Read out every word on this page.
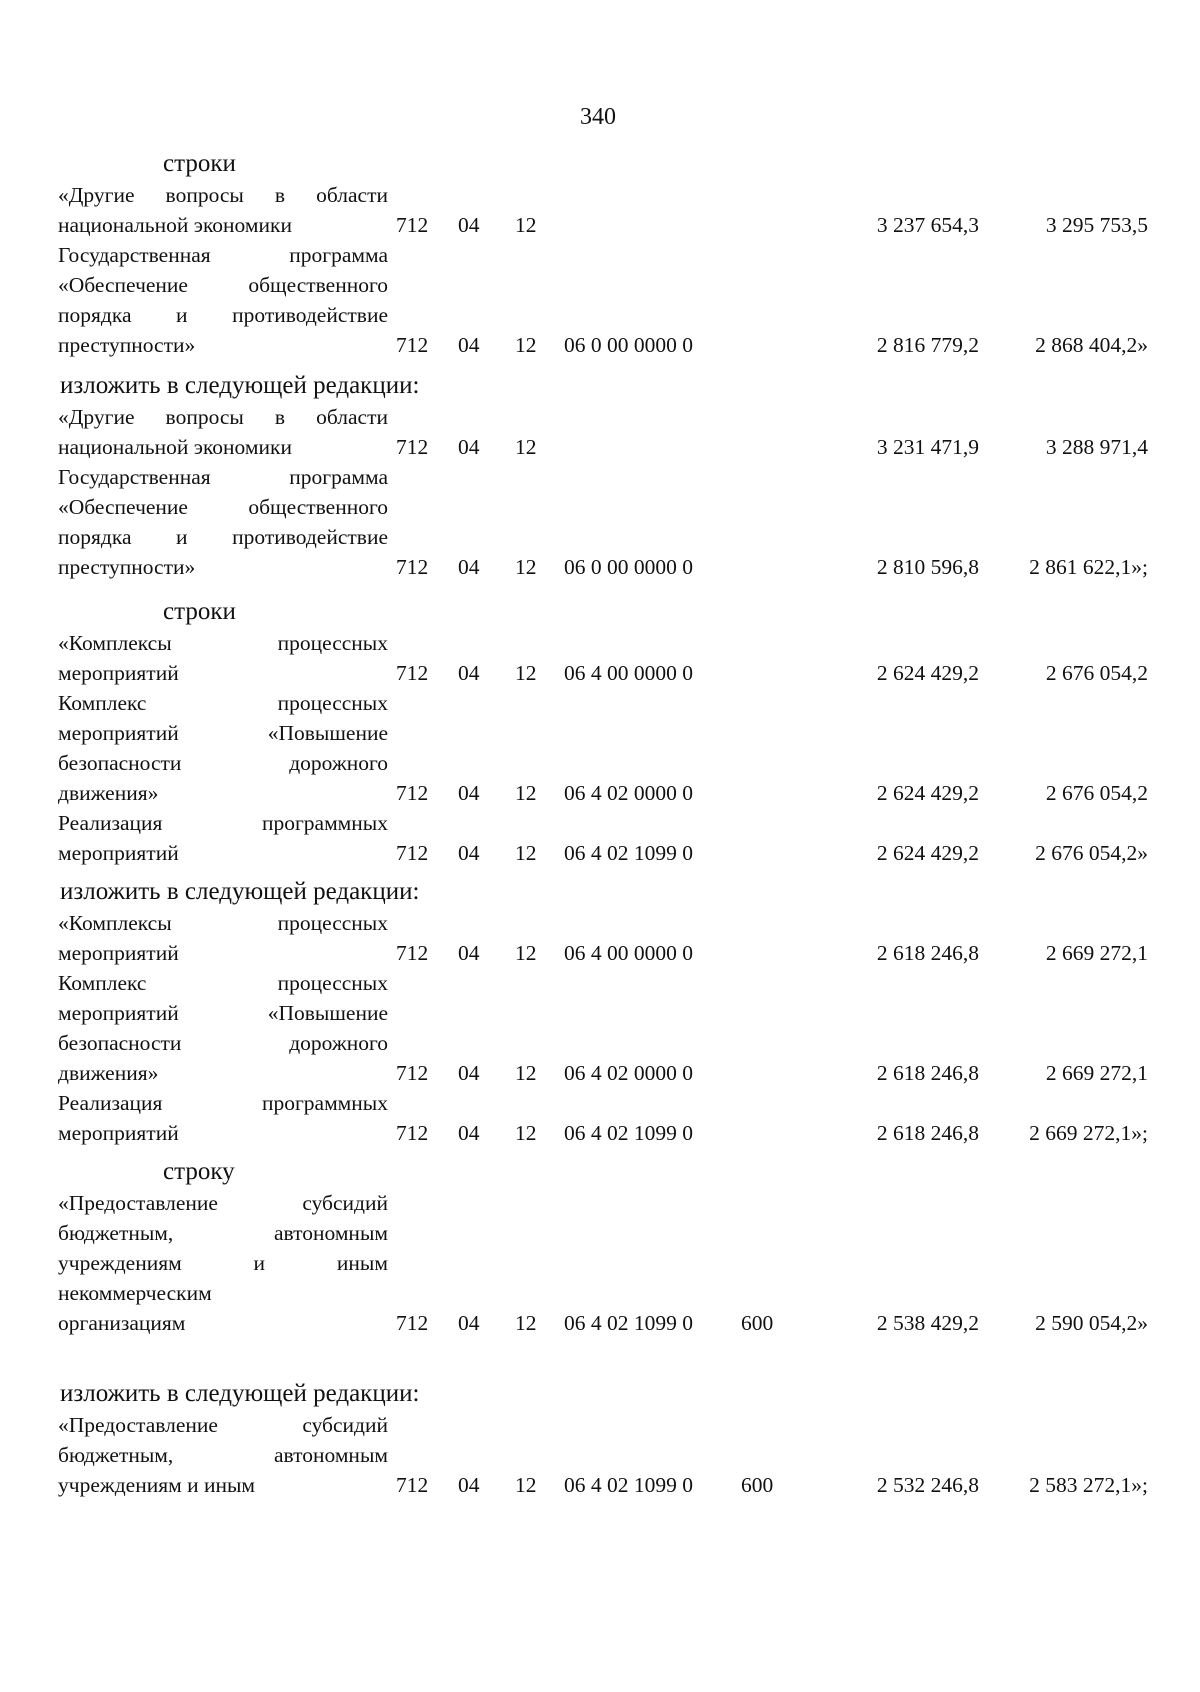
340
строки
«Другие вопросы в области
национальной экономики	712	04	12			3 237 654,3	3 295 753,5

Государственная программа
«Обеспечение общественного
порядка и противодействие
преступности»	712	04	12	06 0 00 0000 0		2 816 779,2	2 868 404,2»
изложить в следующей редакции:
«Другие вопросы в области
национальной экономики	712	04	12			3 231 471,9	3 288 971,4

Государственная программа
«Обеспечение общественного
порядка и противодействие
преступности»	712	04	12	06 0 00 0000 0		2 810 596,8	2 861 622,1»;
строки
«Комплексы процессных
мероприятий	712	04	12	06 4 00 0000 0		2 624 429,2	2 676 054,2

Комплекс процессных
мероприятий «Повышение
безопасности дорожного
движения»	712	04	12	06 4 02 0000 0		2 624 429,2	2 676 054,2

Реализация программных
мероприятий	712	04	12	06 4 02 1099 0		2 624 429,2	2 676 054,2»
изложить в следующей редакции:
«Комплексы процессных
мероприятий	712	04	12	06 4 00 0000 0		2 618 246,8	2 669 272,1

Комплекс процессных
мероприятий «Повышение
безопасности дорожного
движения»	712	04	12	06 4 02 0000 0		2 618 246,8	2 669 272,1

Реализация программных
мероприятий	712	04	12	06 4 02 1099 0		2 618 246,8	2 669 272,1»;
строку
«Предоставление субсидий
бюджетным, автономным
учреждениям и иным
некоммерческим
организациям	712	04	12	06 4 02 1099 0	600	2 538 429,2	2 590 054,2»
изложить в следующей редакции:
«Предоставление субсидий
бюджетным, автономным
учреждениям и иным	712	04	12	06 4 02 1099 0	600	2 532 246,8	2 583 272,1»;
